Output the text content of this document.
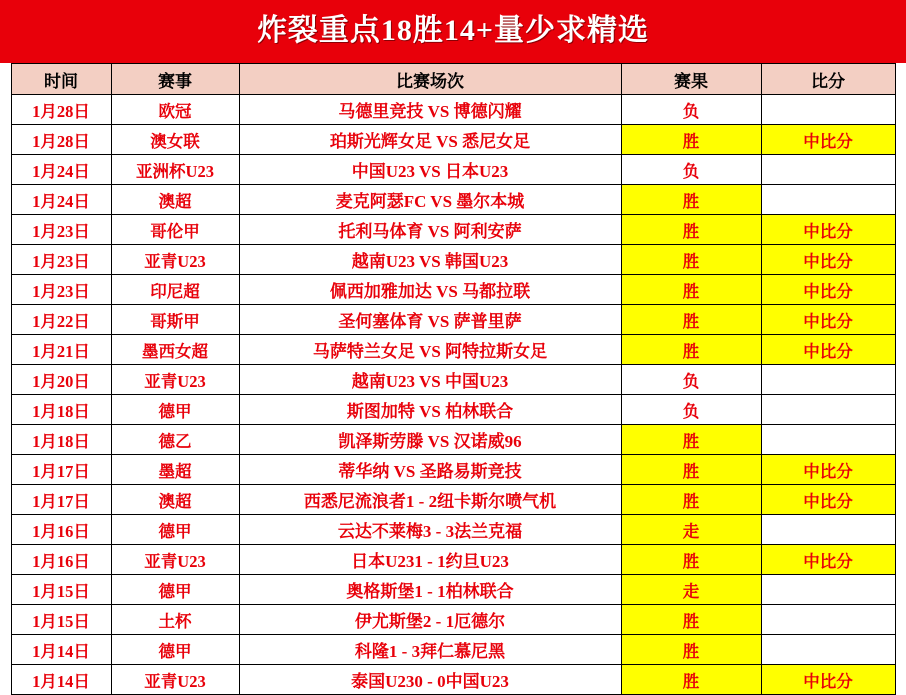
炸裂重点18胜14+量少求精选
时间	赛事	比赛场次	赛果	比分
1月28日	欧冠	马德里竞技 VS 博德闪耀	负	
1月28日	澳女联	珀斯光辉女足 VS 悉尼女足	胜	中比分
1月24日	亚洲杯U23	中国U23 VS 日本U23	负	
1月24日	澳超	麦克阿瑟FC VS 墨尔本城	胜	
1月23日	哥伦甲	托利马体育 VS 阿利安萨	胜	中比分
1月23日	亚青U23	越南U23 VS 韩国U23	胜	中比分
1月23日	印尼超	佩西加雅加达 VS 马都拉联	胜	中比分
1月22日	哥斯甲	圣何塞体育 VS 萨普里萨	胜	中比分
1月21日	墨西女超	马萨特兰女足 VS 阿特拉斯女足	胜	中比分
1月20日	亚青U23	越南U23 VS 中国U23	负	
1月18日	德甲	斯图加特 VS 柏林联合	负	
1月18日	德乙	凯泽斯劳滕 VS 汉诺威96	胜	
1月17日	墨超	蒂华纳 VS 圣路易斯竞技	胜	中比分
1月17日	澳超	西悉尼流浪者1 - 2纽卡斯尔喷气机	胜	中比分
1月16日	德甲	云达不莱梅3 - 3法兰克福	走	
1月16日	亚青U23	日本U231 - 1约旦U23	胜	中比分
1月15日	德甲	奥格斯堡1 - 1柏林联合	走	
1月15日	土杯	伊尤斯堡2 - 1厄德尔	胜	
1月14日	德甲	科隆1 - 3拜仁慕尼黑	胜	
1月14日	亚青U23	泰国U230 - 0中国U23	胜	中比分
